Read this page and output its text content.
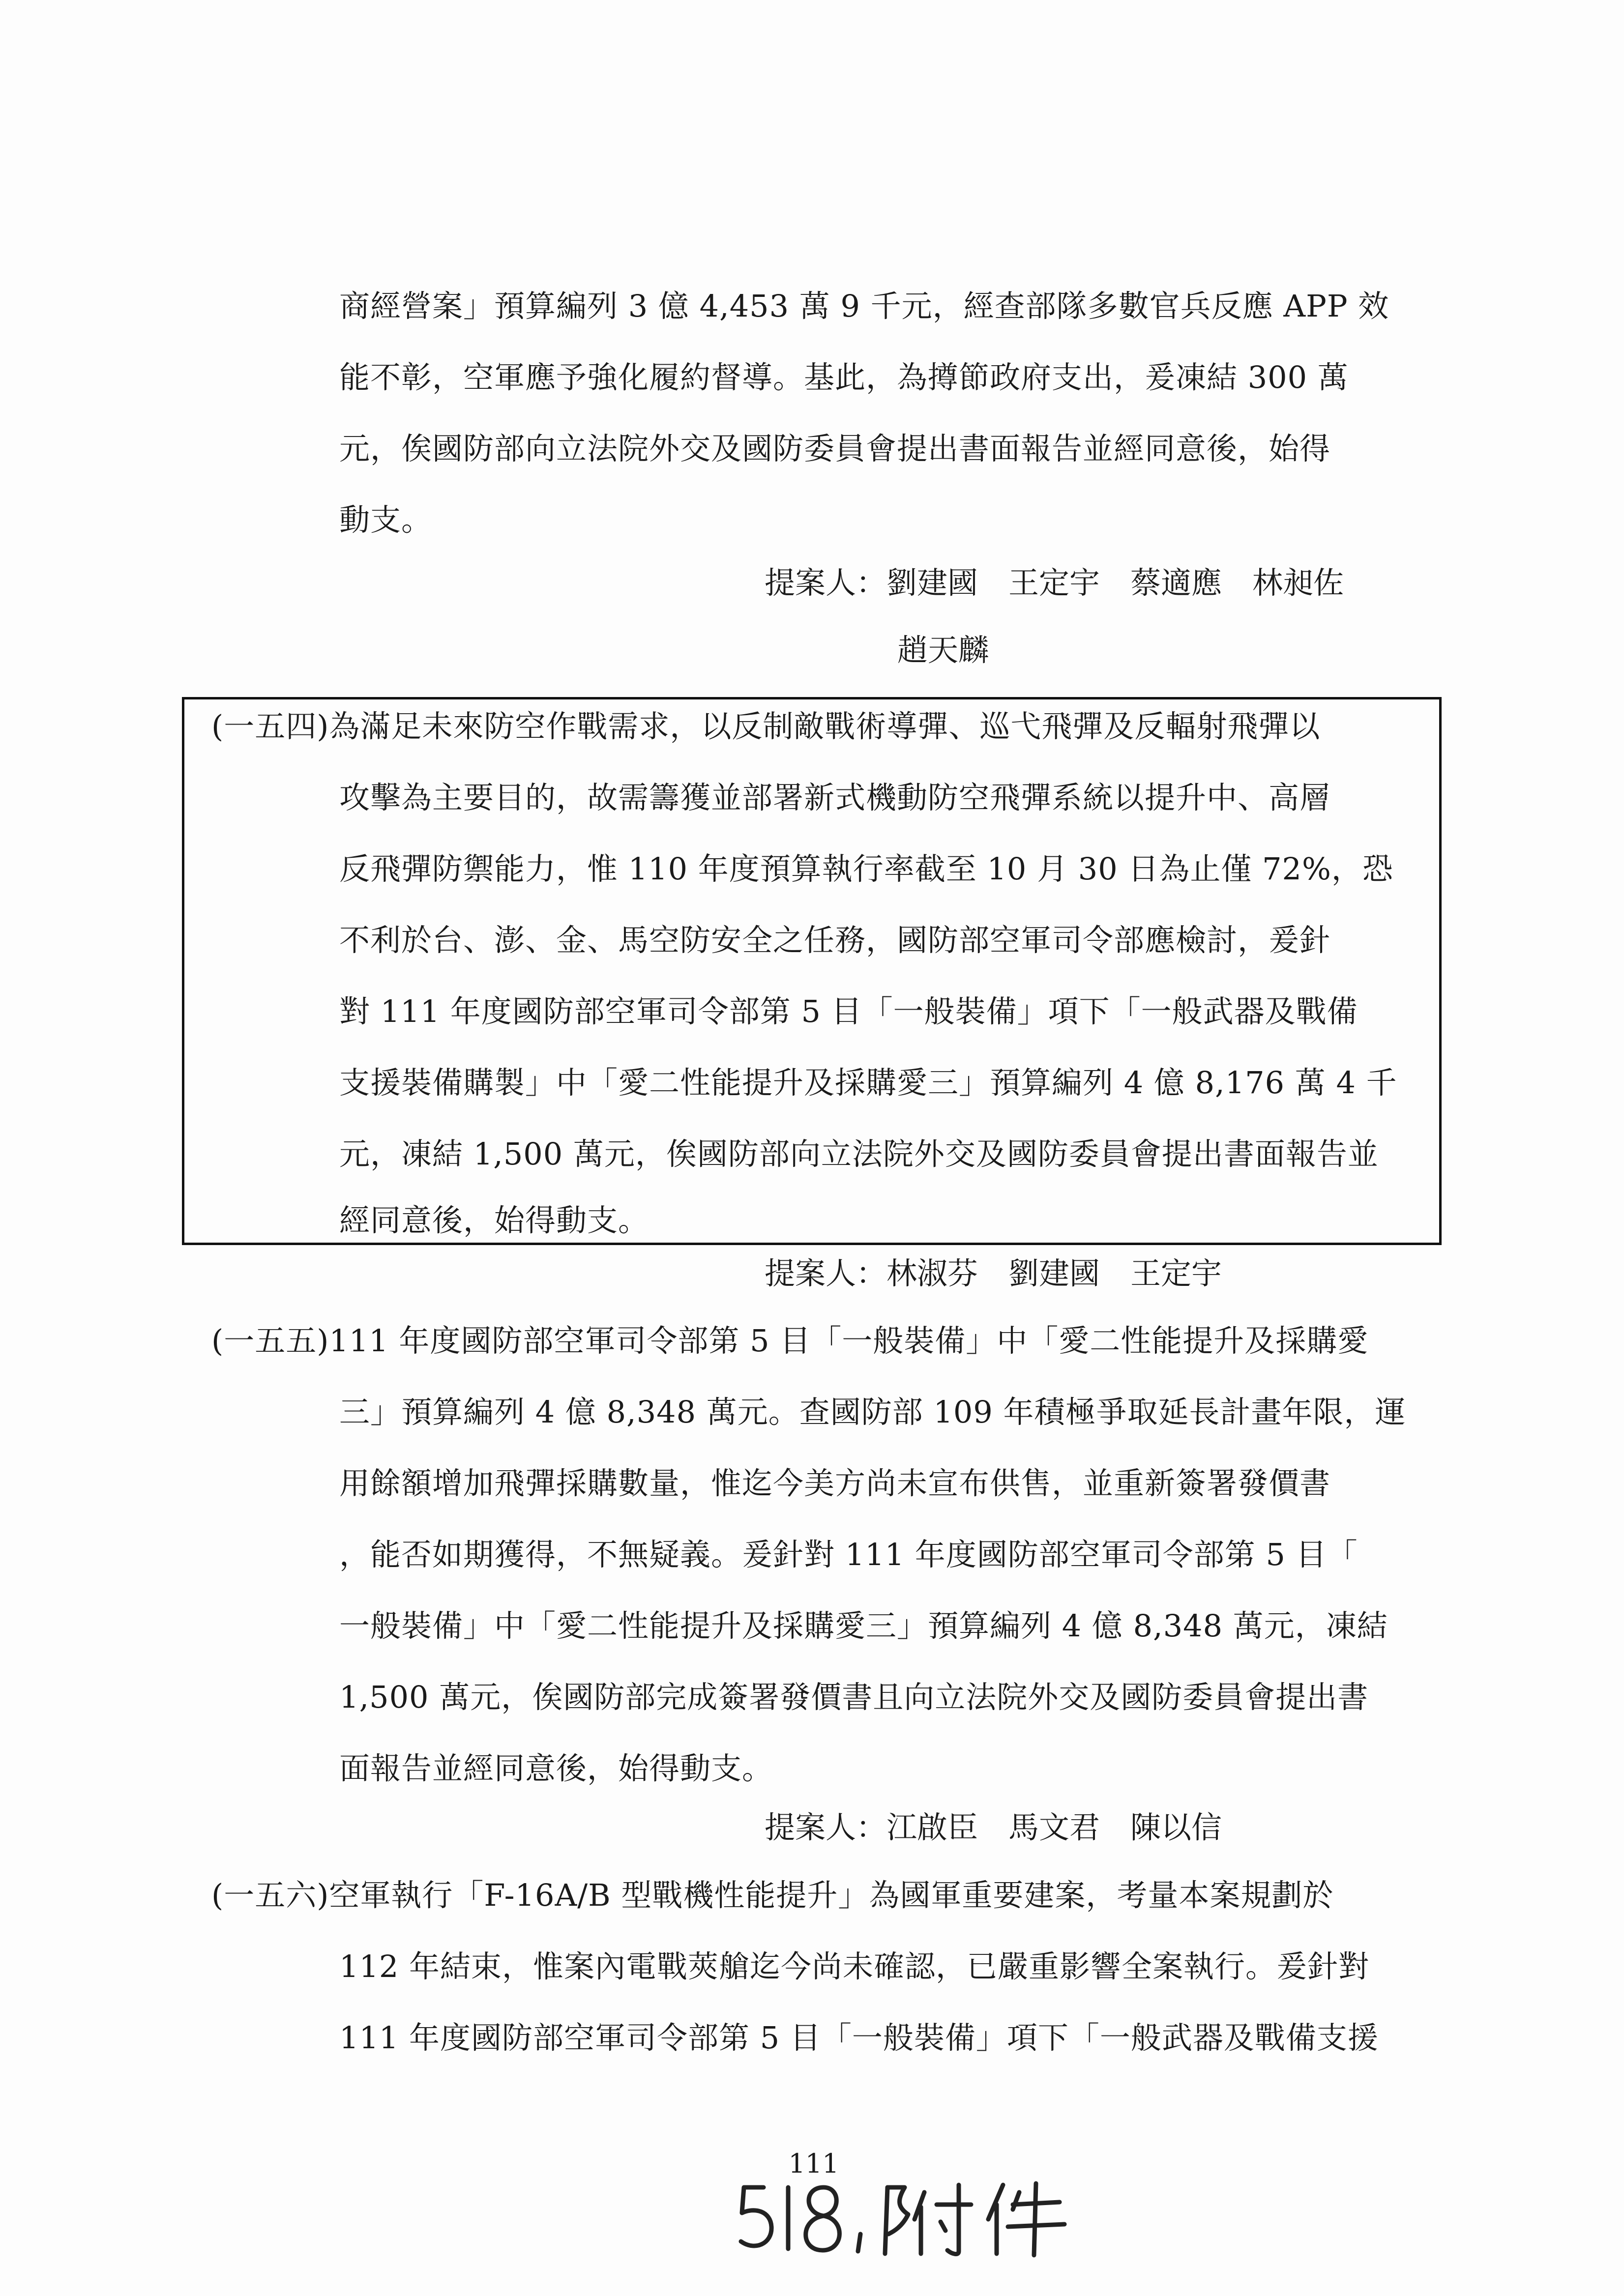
商經營案」預算編列 3 億 4,453 萬 9 千元，經查部隊多數官兵反應 APP 效
能不彰，空軍應予強化履約督導。基此，為撙節政府支出，爰凍結 300 萬
元，俟國防部向立法院外交及國防委員會提出書面報告並經同意後，始得
動支。
提案人：劉建國　王定宇　蔡適應　林昶佐
趙天麟
(一五四)為滿足未來防空作戰需求，以反制敵戰術導彈、巡弋飛彈及反輻射飛彈以
攻擊為主要目的，故需籌獲並部署新式機動防空飛彈系統以提升中、高層
反飛彈防禦能力，惟 110 年度預算執行率截至 10 月 30 日為止僅 72%，恐
不利於台、澎、金、馬空防安全之任務，國防部空軍司令部應檢討，爰針
對 111 年度國防部空軍司令部第 5 目「一般裝備」項下「一般武器及戰備
支援裝備購製」中「愛二性能提升及採購愛三」預算編列 4 億 8,176 萬 4 千
元，凍結 1,500 萬元，俟國防部向立法院外交及國防委員會提出書面報告並
經同意後，始得動支。
提案人：林淑芬　劉建國　王定宇
(一五五)111 年度國防部空軍司令部第 5 目「一般裝備」中「愛二性能提升及採購愛
三」預算編列 4 億 8,348 萬元。查國防部 109 年積極爭取延長計畫年限，運
用餘額增加飛彈採購數量，惟迄今美方尚未宣布供售，並重新簽署發價書
，能否如期獲得，不無疑義。爰針對 111 年度國防部空軍司令部第 5 目「
一般裝備」中「愛二性能提升及採購愛三」預算編列 4 億 8,348 萬元，凍結
1,500 萬元，俟國防部完成簽署發價書且向立法院外交及國防委員會提出書
面報告並經同意後，始得動支。
提案人：江啟臣　馬文君　陳以信
(一五六)空軍執行「F-16A/B 型戰機性能提升」為國軍重要建案，考量本案規劃於
112 年結束，惟案內電戰莢艙迄今尚未確認，已嚴重影響全案執行。爰針對
111 年度國防部空軍司令部第 5 目「一般裝備」項下「一般武器及戰備支援
111
